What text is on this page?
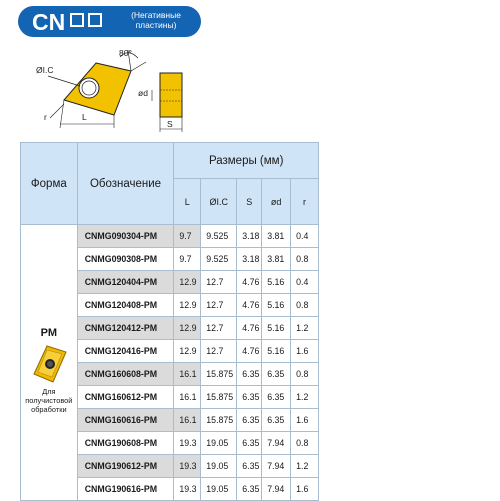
CN	(Негативные пластины)
80°
ØI.C
r	L
ød
S
Форма	Обозначение	Размеры (мм)				
		L	ØI.C	S	ød	r

PM
Для получистовой обработки	CNMG090304-PM	9.7	9.525	3.18	3.81	0.4
	CNMG090308-PM	9.7	9.525	3.18	3.81	0.8
	CNMG120404-PM	12.9	12.7	4.76	5.16	0.4
	CNMG120408-PM	12.9	12.7	4.76	5.16	0.8
	CNMG120412-PM	12.9	12.7	4.76	5.16	1.2
	CNMG120416-PM	12.9	12.7	4.76	5.16	1.6
	CNMG160608-PM	16.1	15.875	6.35	6.35	0.8
	CNMG160612-PM	16.1	15.875	6.35	6.35	1.2
	CNMG160616-PM	16.1	15.875	6.35	6.35	1.6
	CNMG190608-PM	19.3	19.05	6.35	7.94	0.8
	CNMG190612-PM	19.3	19.05	6.35	7.94	1.2
	CNMG190616-PM	19.3	19.05	6.35	7.94	1.6
